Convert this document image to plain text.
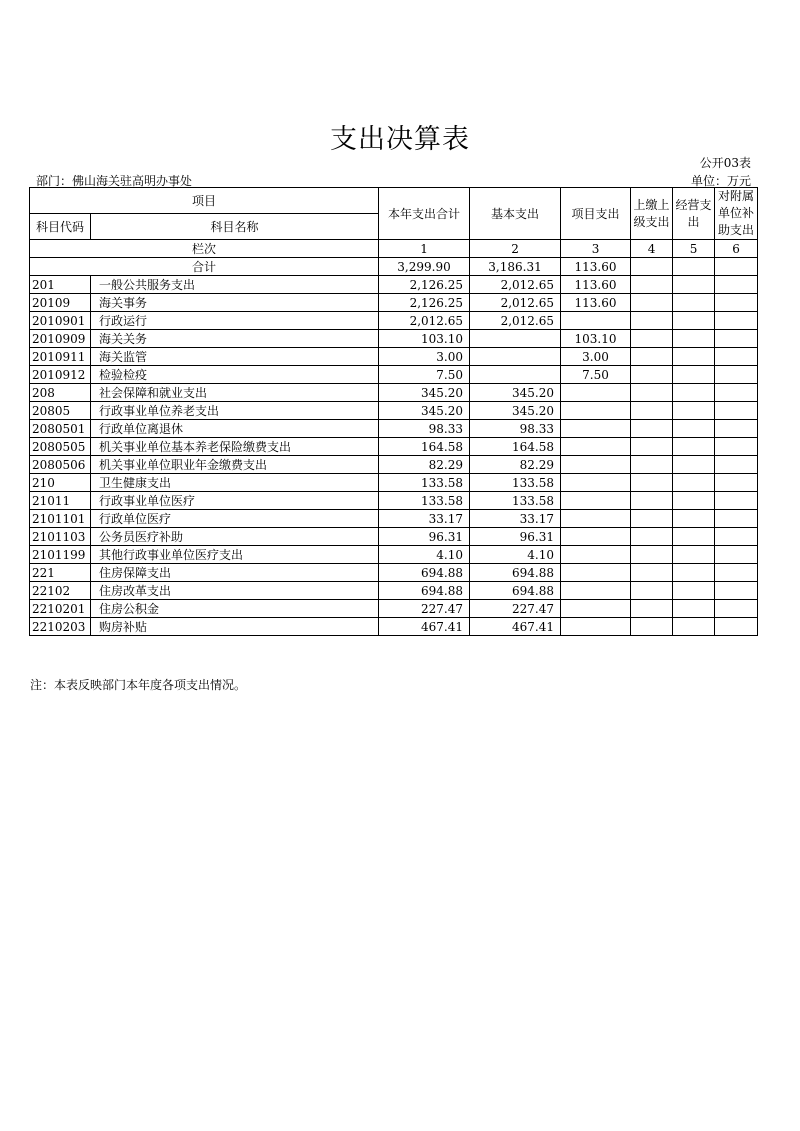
支出决算表
公开03表
部门：佛山海关驻高明办事处	单位：万元
项目		本年支出合计	基本支出	项目支出	上缴上级支出	经营支出	对附属单位补助支出
科目代码	科目名称						
栏次		1	2	3	4	5	6
合计		3,299.90	3,186.31	113.60			
201	一般公共服务支出	2,126.25	2,012.65	113.60			
20109	海关事务	2,126.25	2,012.65	113.60			
2010901	行政运行	2,012.65	2,012.65				
2010909	海关关务	103.10		103.10			
2010911	海关监管	3.00		3.00			
2010912	检验检疫	7.50		7.50			
208	社会保障和就业支出	345.20	345.20				
20805	行政事业单位养老支出	345.20	345.20				
2080501	行政单位离退休	98.33	98.33				
2080505	机关事业单位基本养老保险缴费支出	164.58	164.58				
2080506	机关事业单位职业年金缴费支出	82.29	82.29				
210	卫生健康支出	133.58	133.58				
21011	行政事业单位医疗	133.58	133.58				
2101101	行政单位医疗	33.17	33.17				
2101103	公务员医疗补助	96.31	96.31				
2101199	其他行政事业单位医疗支出	4.10	4.10				
221	住房保障支出	694.88	694.88				
22102	住房改革支出	694.88	694.88				
2210201	住房公积金	227.47	227.47				
2210203	购房补贴	467.41	467.41				
注：本表反映部门本年度各项支出情况。
